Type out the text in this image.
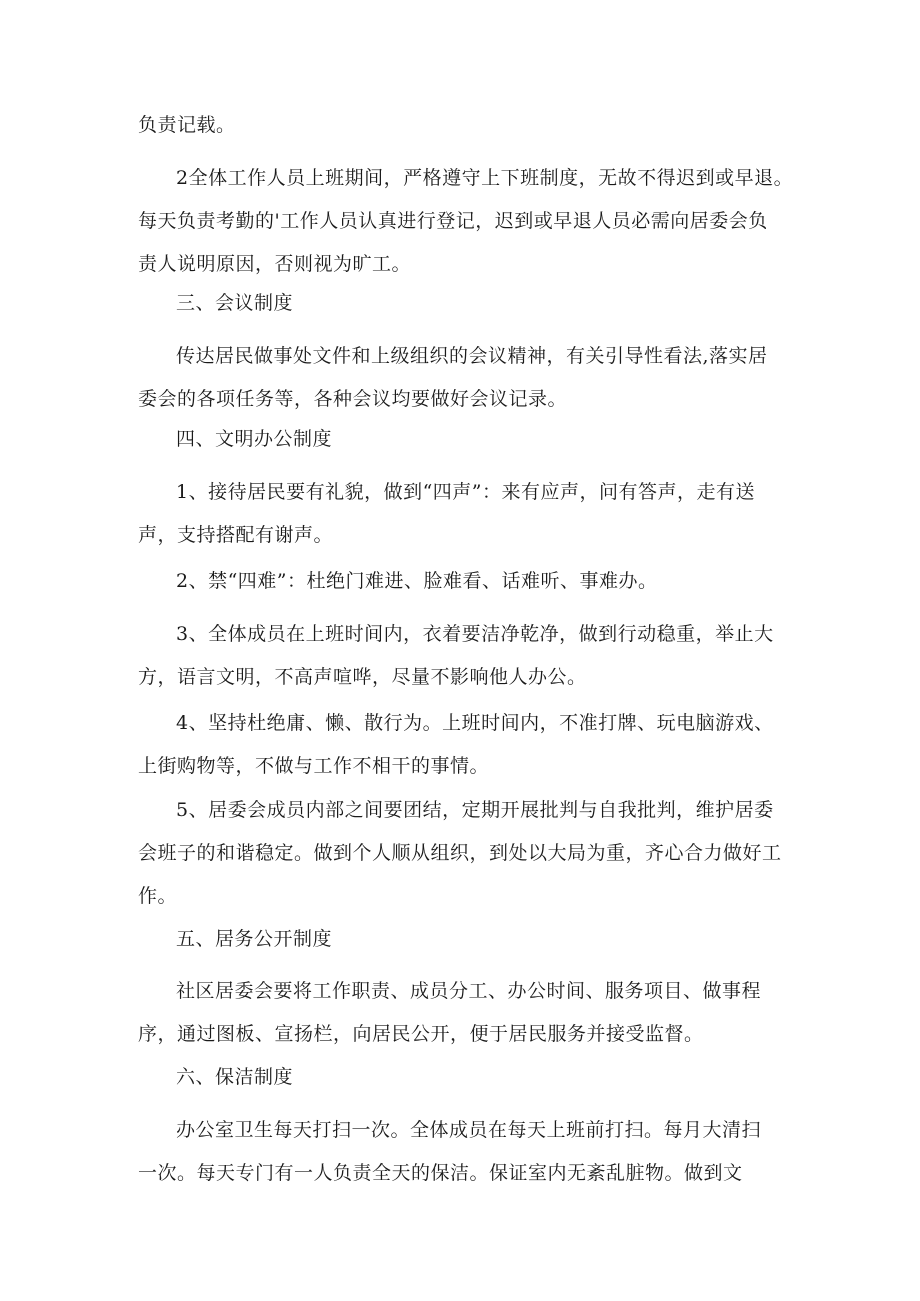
负责记载。
2全体工作人员上班期间，严格遵守上下班制度，无故不得迟到或早退。
每天负责考勤的'工作人员认真进行登记，迟到或早退人员必需向居委会负
责人说明原因，否则视为旷工。
三、会议制度
传达居民做事处文件和上级组织的会议精神，有关引导性看法,落实居
委会的各项任务等，各种会议均要做好会议记录。
四、文明办公制度
1、接待居民要有礼貌，做到“四声”：来有应声，问有答声，走有送
声，支持搭配有谢声。
2、禁“四难”：杜绝门难进、脸难看、话难听、事难办。
3、全体成员在上班时间内，衣着要洁净乾净，做到行动稳重，举止大
方，语言文明，不高声喧哗，尽量不影响他人办公。
4、坚持杜绝庸、懒、散行为。上班时间内，不准打牌、玩电脑游戏、
上街购物等，不做与工作不相干的事情。
5、居委会成员内部之间要团结，定期开展批判与自我批判，维护居委
会班子的和谐稳定。做到个人顺从组织，到处以大局为重，齐心合力做好工
作。
五、居务公开制度
社区居委会要将工作职责、成员分工、办公时间、服务项目、做事程
序，通过图板、宣扬栏，向居民公开，便于居民服务并接受监督。
六、保洁制度
办公室卫生每天打扫一次。全体成员在每天上班前打扫。每月大清扫
一次。每天专门有一人负责全天的保洁。保证室内无紊乱脏物。做到文
